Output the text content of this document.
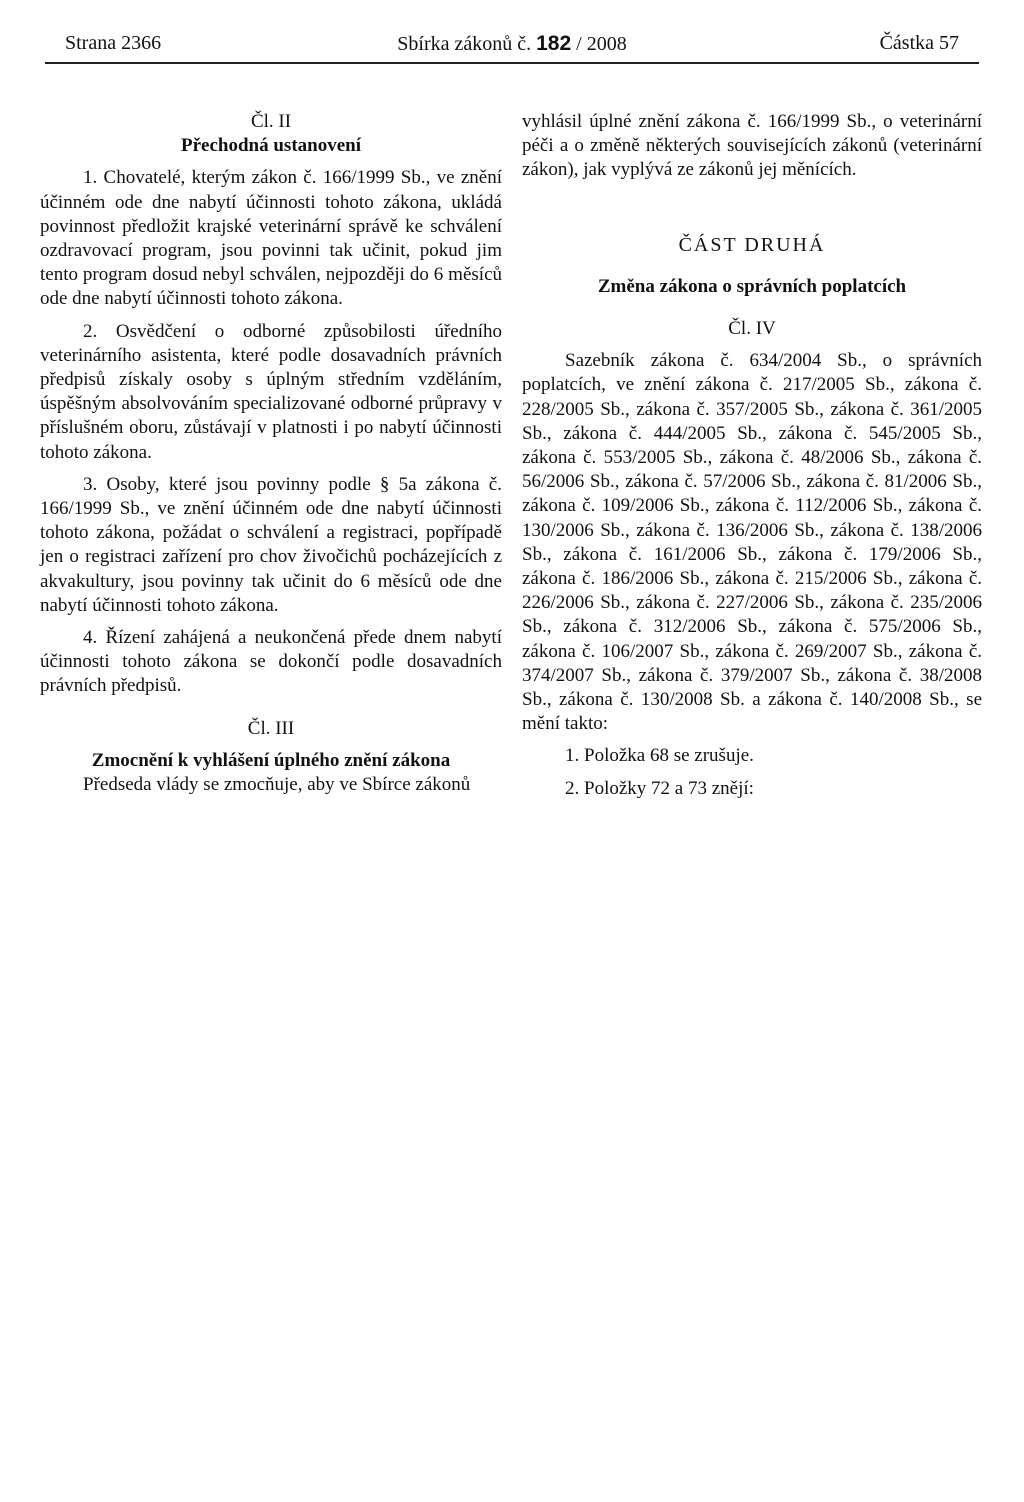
Strana 2366	Sbírka zákonů č. 182 / 2008	Částka 57

Čl. II

Přechodná ustanovení

1. Chovatelé, kterým zákon č. 166/1999 Sb., ve znění účinném ode dne nabytí účinnosti tohoto zákona, ukládá povinnost předložit krajské veterinární správě ke schválení ozdravovací program, jsou povinni tak učinit, pokud jim tento program dosud nebyl schválen, nejpozději do 6 měsíců ode dne nabytí účinnosti tohoto zákona.

2. Osvědčení o odborné způsobilosti úředního veterinárního asistenta, které podle dosavadních právních předpisů získaly osoby s úplným středním vzděláním, úspěšným absolvováním specializované odborné průpravy v příslušném oboru, zůstávají v platnosti i po nabytí účinnosti tohoto zákona.

3. Osoby, které jsou povinny podle § 5a zákona č. 166/1999 Sb., ve znění účinném ode dne nabytí účinnosti tohoto zákona, požádat o schválení a registraci, popřípadě jen o registraci zařízení pro chov živočichů pocházejících z akvakultury, jsou povinny tak učinit do 6 měsíců ode dne nabytí účinnosti tohoto zákona.

4. Řízení zahájená a neukončená přede dnem nabytí účinnosti tohoto zákona se dokončí podle dosavadních právních předpisů.

Čl. III

Zmocnění k vyhlášení úplného znění zákona

Předseda vlády se zmocňuje, aby ve Sbírce zákonů

vyhlásil úplné znění zákona č. 166/1999 Sb., o veterinární péči a o změně některých souvisejících zákonů (veterinární zákon), jak vyplývá ze zákonů jej měnících.

ČÁST DRUHÁ

Změna zákona o správních poplatcích

Čl. IV

Sazebník zákona č. 634/2004 Sb., o správních poplatcích, ve znění zákona č. 217/2005 Sb., zákona č. 228/2005 Sb., zákona č. 357/2005 Sb., zákona č. 361/2005 Sb., zákona č. 444/2005 Sb., zákona č. 545/2005 Sb., zákona č. 553/2005 Sb., zákona č. 48/2006 Sb., zákona č. 56/2006 Sb., zákona č. 57/2006 Sb., zákona č. 81/2006 Sb., zákona č. 109/2006 Sb., zákona č. 112/2006 Sb., zákona č. 130/2006 Sb., zákona č. 136/2006 Sb., zákona č. 138/2006 Sb., zákona č. 161/2006 Sb., zákona č. 179/2006 Sb., zákona č. 186/2006 Sb., zákona č. 215/2006 Sb., zákona č. 226/2006 Sb., zákona č. 227/2006 Sb., zákona č. 235/2006 Sb., zákona č. 312/2006 Sb., zákona č. 575/2006 Sb., zákona č. 106/2007 Sb., zákona č. 269/2007 Sb., zákona č. 374/2007 Sb., zákona č. 379/2007 Sb., zákona č. 38/2008 Sb., zákona č. 130/2008 Sb. a zákona č. 140/2008 Sb., se mění takto:

1. Položka 68 se zrušuje.

2. Položky 72 a 73 znějí:
